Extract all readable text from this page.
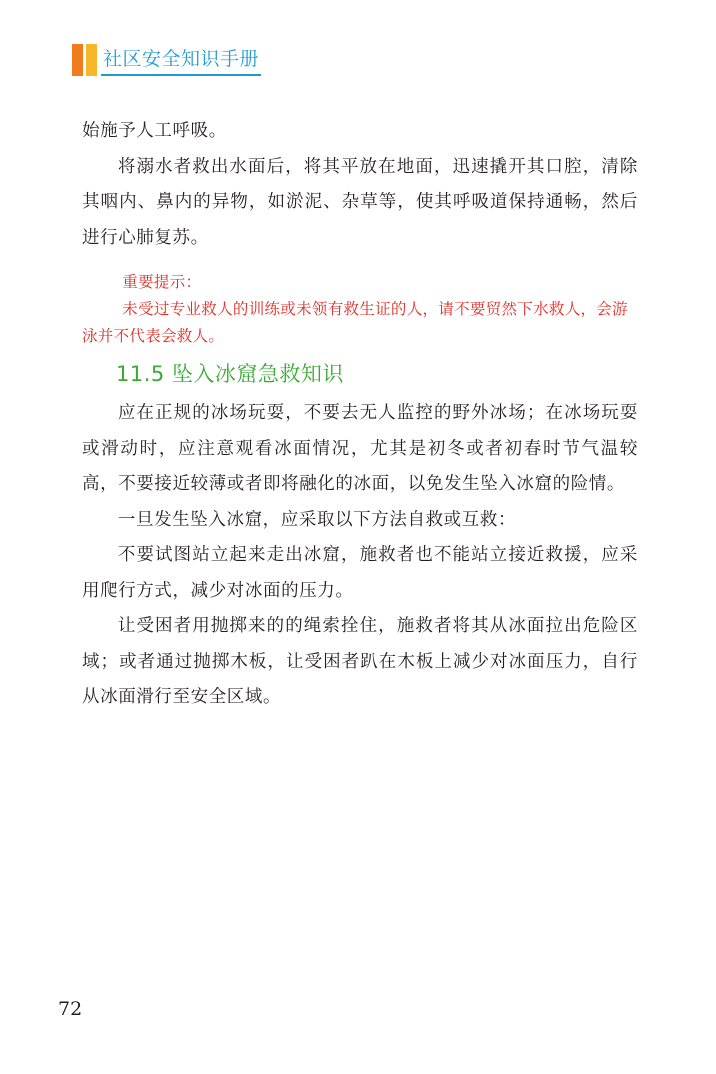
社区安全知识手册

始施予人工呼吸。

将溺水者救出水面后，将其平放在地面，迅速撬开其口腔，清除其咽内、鼻内的异物，如淤泥、杂草等，使其呼吸道保持通畅，然后进行心肺复苏。

重要提示：
未受过专业救人的训练或未领有救生证的人，请不要贸然下水救人，会游泳并不代表会救人。
11.5 坠入冰窟急救知识

应在正规的冰场玩耍，不要去无人监控的野外冰场；在冰场玩耍或滑动时，应注意观看冰面情况，尤其是初冬或者初春时节气温较高，不要接近较薄或者即将融化的冰面，以免发生坠入冰窟的险情。

一旦发生坠入冰窟，应采取以下方法自救或互救：

不要试图站立起来走出冰窟，施救者也不能站立接近救援，应采用爬行方式，减少对冰面的压力。

让受困者用抛掷来的的绳索拴住，施救者将其从冰面拉出危险区域；或者通过抛掷木板，让受困者趴在木板上减少对冰面压力，自行从冰面滑行至安全区域。

72
